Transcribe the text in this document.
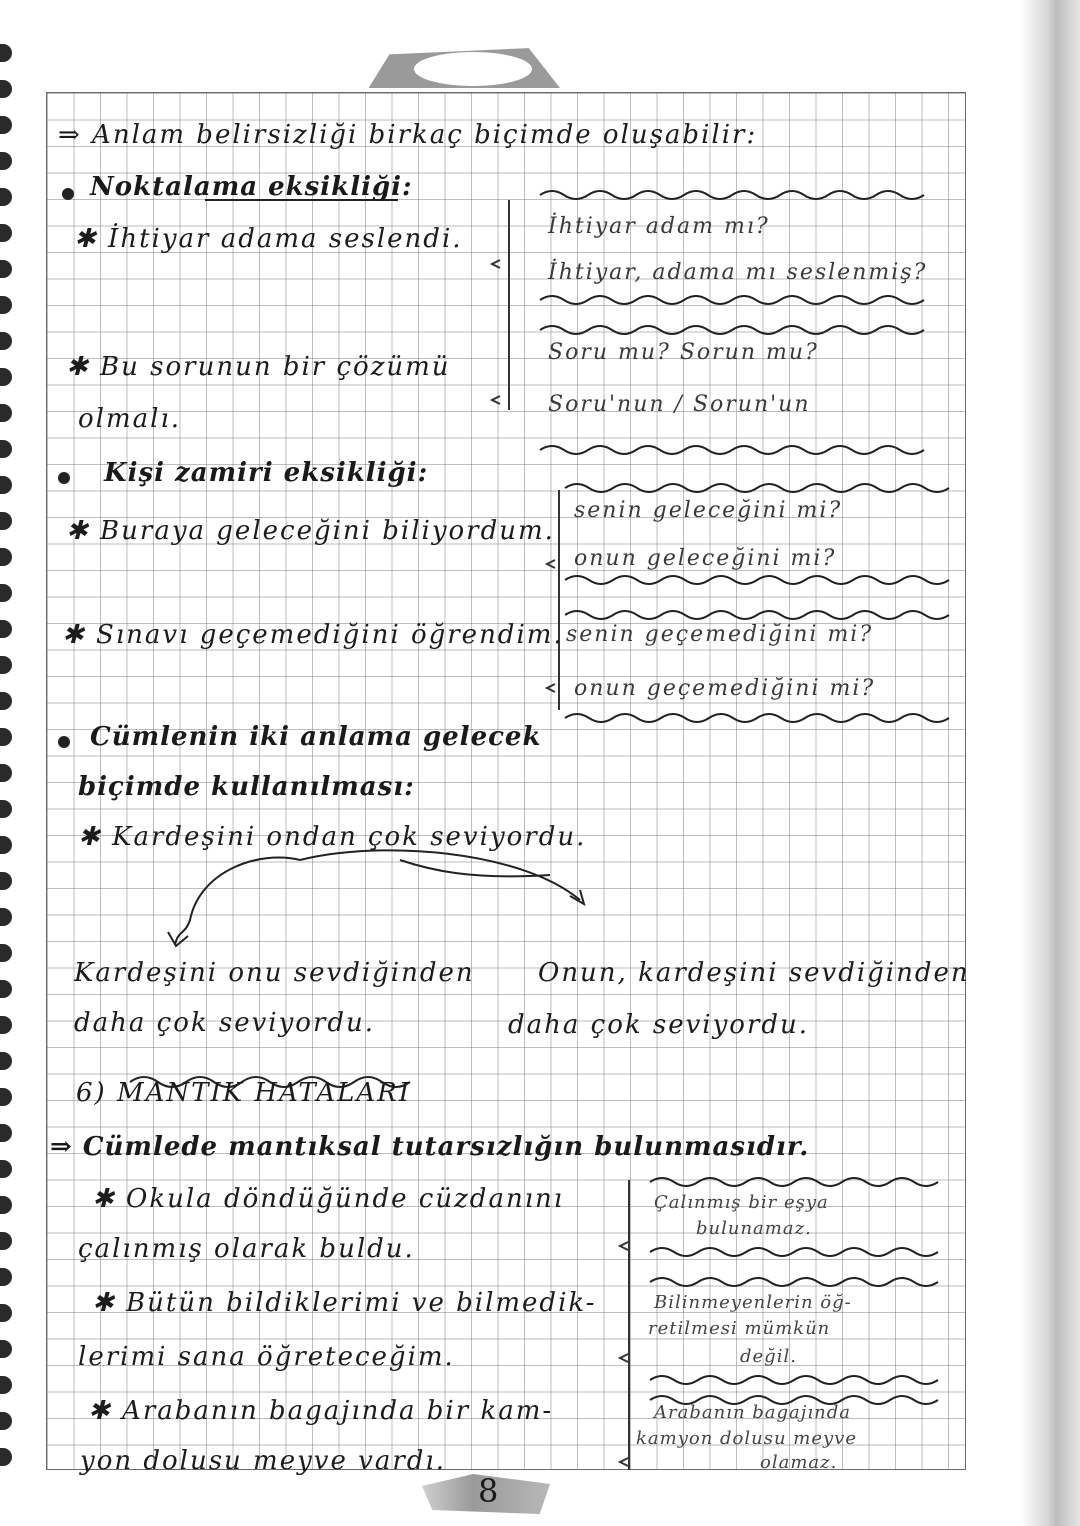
⇒ Anlam belirsizliği birkaç biçimde oluşabilir:
Noktalama eksikliği:
✱ İhtiyar adama seslendi.	İhtiyar adam mı?
İhtiyar, adama mı seslenmiş?
✱ Bu sorunun bir çözümü
olmalı.
Soru mu? Sorun mu?
Soru'nun / Sorun'un
Kişi zamiri eksikliği:
✱ Buraya geleceğini biliyordum.
senin geleceğini mi?
onun geleceğini mi?
✱ Sınavı geçemediğini öğrendim. senin geçemediğini mi?
onun geçemediğini mi?
Cümlenin iki anlama gelecek
biçimde kullanılması:
✱ Kardeşini ondan çok seviyordu.
Kardeşini onu sevdiğinden
daha çok seviyordu.
Onun, kardeşini sevdiğinden
daha çok seviyordu.
6) MANTIK HATALARI
⇒ Cümlede mantıksal tutarsızlığın bulunmasıdır.
✱ Okula döndüğünde cüzdanını
çalınmış olarak buldu.
Çalınmış bir eşya
bulunamaz.
✱ Bütün bildiklerimi ve bilmedik-
lerimi sana öğreteceğim.
Bilinmeyenlerin öğ-
retilmesi mümkün
değil.
✱ Arabanın bagajında bir kam-
yon dolusu meyve vardı.
Arabanın bagajında
kamyon dolusu meyve
olamaz.
8
